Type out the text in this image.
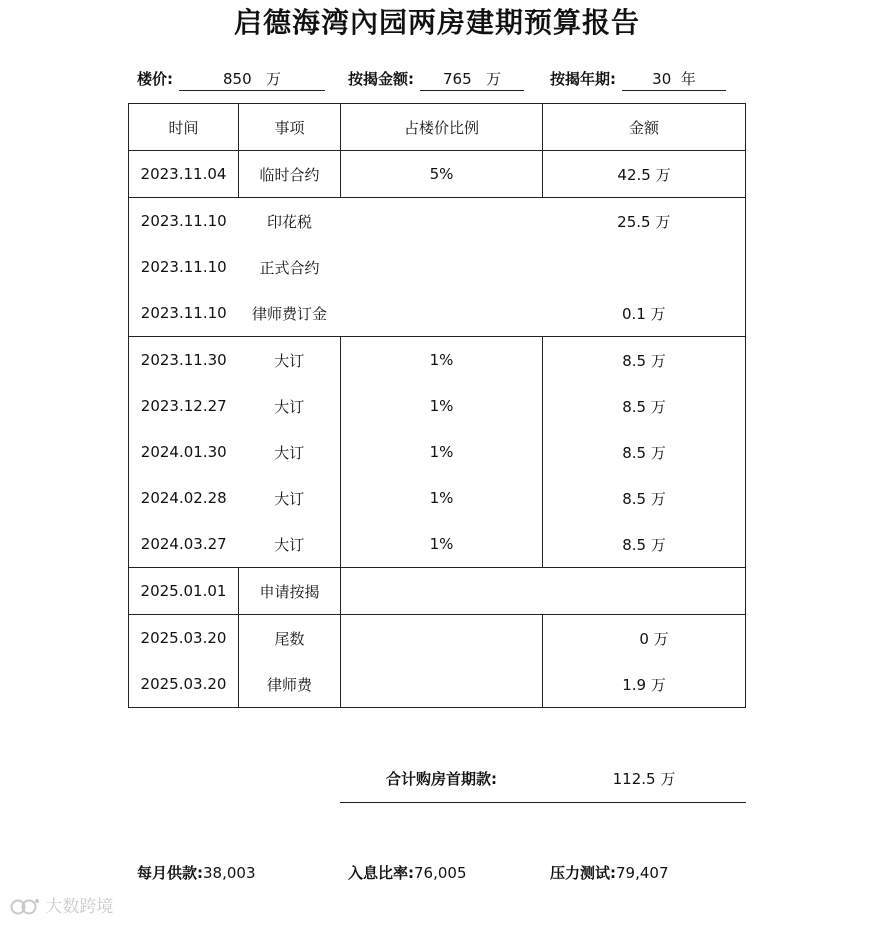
启德海湾內园两房建期预算报告
楼价:	850 万	按揭金额: 765 万	按揭年期: 30 年
时间	事项	占楼价比例	金额
2023.11.04	临时合约	5%	42.5 万
2023.11.10	印花税		25.5 万
2023.11.10	正式合约		
2023.11.10	律师费订金		0.1 万
2023.11.30	大订	1%	8.5 万
2023.12.27	大订	1%	8.5 万
2024.01.30	大订	1%	8.5 万
2024.02.28	大订	1%	8.5 万
2024.03.27	大订	1%	8.5 万
2025.01.01	申请按揭		
2025.03.20	尾数		0 万
2025.03.20	律师费		1.9 万
合计购房首期款:	112.5 万
每月供款:38,003	入息比率:76,005	压力测试:79,407
大数跨境
